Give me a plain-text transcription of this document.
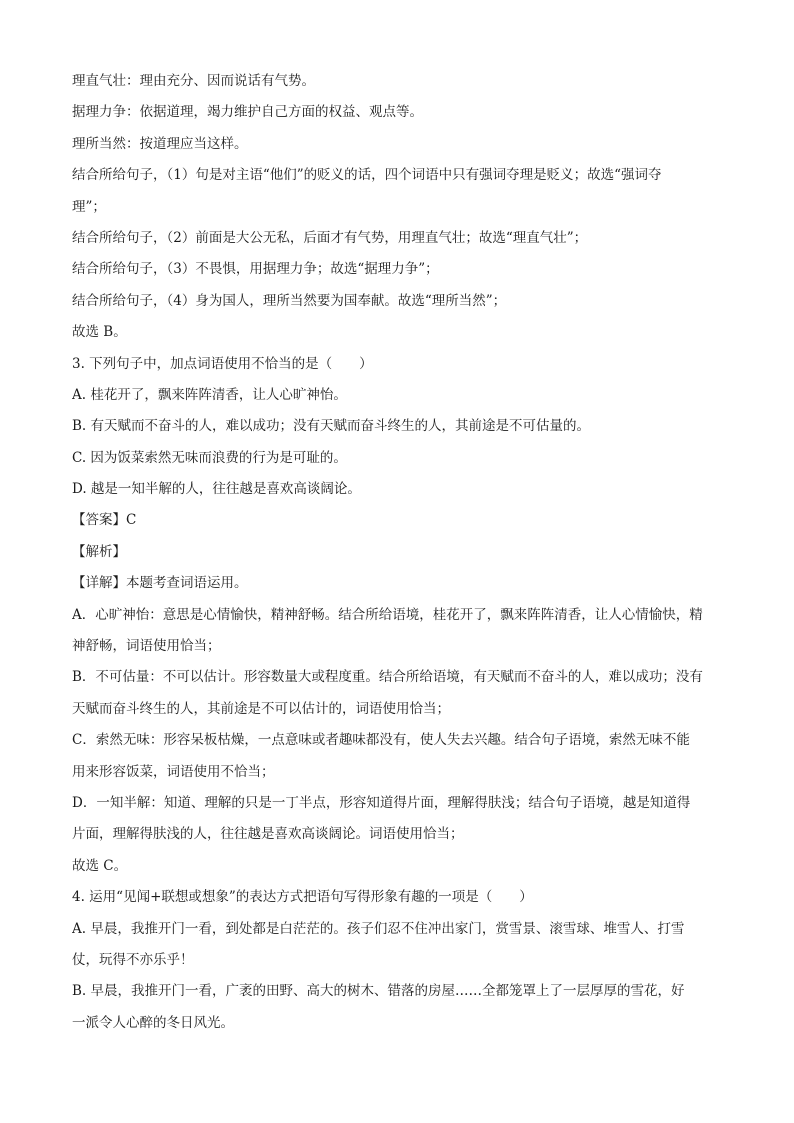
理直气壮：理由充分、因而说话有气势。
据理力争：依据道理，竭力维护自己方面的权益、观点等。
理所当然：按道理应当这样。
结合所给句子，（1）句是对主语“他们”的贬义的话，四个词语中只有强词夺理是贬义；故选“强词夺
理”；
结合所给句子，（2）前面是大公无私，后面才有气势，用理直气壮；故选“理直气壮”；
结合所给句子，（3）不畏惧，用据理力争；故选“据理力争”；
结合所给句子，（4）身为国人，理所当然要为国奉献。故选“理所当然”；
故选 B。
3. 下列句子中，加点词语使用不恰当的是（　　）
A. 桂花开了，飘来阵阵清香，让人心旷神怡。
B. 有天赋而不奋斗的人，难以成功；没有天赋而奋斗终生的人，其前途是不可估量的。
C. 因为饭菜索然无味而浪费的行为是可耻的。
D. 越是一知半解的人，往往越是喜欢高谈阔论。
【答案】C
【解析】
【详解】本题考查词语运用。
A．心旷神怡：意思是心情愉快，精神舒畅。结合所给语境，桂花开了，飘来阵阵清香，让人心情愉快，精
神舒畅，词语使用恰当；
B．不可估量：不可以估计。形容数量大或程度重。结合所给语境，有天赋而不奋斗的人，难以成功；没有
天赋而奋斗终生的人，其前途是不可以估计的，词语使用恰当；
C．索然无味：形容呆板枯燥，一点意味或者趣味都没有，使人失去兴趣。结合句子语境，索然无味不能
用来形容饭菜，词语使用不恰当；
D．一知半解：知道、理解的只是一丁半点，形容知道得片面，理解得肤浅；结合句子语境，越是知道得
片面，理解得肤浅的人，往往越是喜欢高谈阔论。词语使用恰当；
故选 C。
4. 运用“见闻+联想或想象”的表达方式把语句写得形象有趣的一项是（　　）
A. 早晨，我推开门一看，到处都是白茫茫的。孩子们忍不住冲出家门，赏雪景、滚雪球、堆雪人、打雪
仗，玩得不亦乐乎！
B. 早晨，我推开门一看，广袤的田野、高大的树木、错落的房屋……全都笼罩上了一层厚厚的雪花，好
一派令人心醉的冬日风光。
